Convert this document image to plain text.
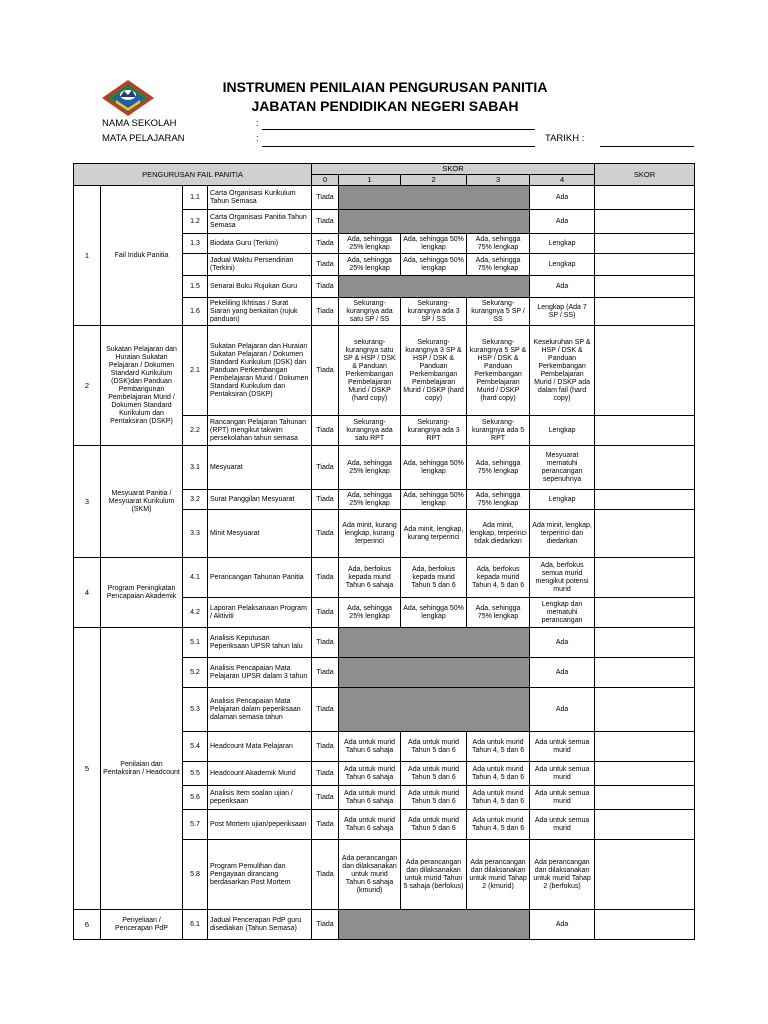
INSTRUMEN PENILAIAN PENGURUSAN PANITIA
JABATAN PENDIDIKAN NEGERI SABAH
NAMA SEKOLAH	:
MATA PELAJARAN	:	TARIKH :
PENGURUSAN FAIL PANITIA				SKOR					SKOR
				0	1	2	3	4	
1	Fail Induk Panitia	1.1	Carta Organisasi Kurikulum Tahun Semasa	Tiada				Ada	
		1.2	Carta Organisasi Panitia Tahun Semasa	Tiada				Ada	
		1.3	Biodata Guru (Terkini)	Tiada	Ada, sehingga 25% lengkap	Ada, sehingga 50% lengkap	Ada, sehingga 75% lengkap	Lengkap	
			Jadual Waktu Persendirian (Terkini)	Tiada	Ada, sehingga 25% lengkap	Ada, sehingga 50% lengkap	Ada, sehingga 75% lengkap	Lengkap	
		1.5	Senarai Buku Rujukan Guru	Tiada				Ada	
		1.6	Pekeliling Ikhtisas / Surat Siaran yang berkaitan (rujuk panduan)	Tiada	Sekurang-kurangnya ada satu SP / SS	Sekurang-kurangnya ada 3 SP / SS	Sekurang-kurangnya 5 SP / SS	Lengkap (Ada 7 SP / SS)	
2	Sukatan Pelajaran dan Huraian Sukatan Pelajaran / Dokumen Standard Kurikulum (DSK)dan Panduan Pembangunan Pembelajaran Murid / Dokumen Standard Kurikulum dan Pentaksiran (DSKP)	2.1	Sukatan Pelajaran dan Huraian Sukatan Pelajaran / Dokumen Standard Kurikulum (DSK) dan Panduan Perkembangan Pembelajaran Murid / Dokumen Standard Kurikulum dan Pentaksiran (DSKP)	Tiada	sekurang-kurangnya satu SP & HSP / DSK & Panduan Perkembangan Pembelajaran Murid / DSKP (hard copy)	Sekurang-kurangnya 3 SP & HSP / DSK & Panduan Perkembangan Pembelajaran Murid / DSKP (hard copy)	Sekurang-kurangnya 5 SP & HSP / DSK & Panduan Perkembangan Pembelajaran Murid / DSKP (hard copy)	Keseluruhan SP & HSP / DSK & Panduan Perkembangan Pembelajaran Murid / DSKP ada dalam fail (hard copy)	
		2.2	Rancangan Pelajaran Tahunan (RPT) mengikut takwim persekolahan tahun semasa	Tiada	Sekurang-kurangnya ada satu RPT	Sekurang-kurangnya ada 3 RPT	Sekurang-kurangnya ada 5 RPT	Lengkap	
3	Mesyuarat Panitia / Mesyuarat Kurikulum (SKM)	3.1	Mesyuarat	Tiada	Ada, sehingga 25% lengkap	Ada, sehingga 50% lengkap	Ada, sehingga 75% lengkap	Mesyuarat mematuhi perancangan sepenuhnya	
		3.2	Surat Panggilan Mesyuarat	Tiada	Ada, sehingga 25% lengkap	Ada, sehingga 50% lengkap	Ada, sehingga 75% lengkap	Lengkap	
		3.3	Minit Mesyuarat	Tiada	Ada minit, kurang lengkap, kurang terperinci	Ada minit, lengkap, kurang terperinci	Ada minit, lengkap, terperinci tidak diedarkan	Ada minit, lengkap, terperinci dan diedarkan	
4	Program Peningkatan Pencapaian Akademik	4.1	Perancangan Tahunan Panitia	Tiada	Ada, berfokus kepada murid Tahun 6 sahaja	Ada, berfokus kepada murid Tahun 5 dan 6	Ada, berfokus kepada murid Tahun 4, 5 dan 6	Ada, berfokus semua murid mengikut potensi murid	
		4.2	Laporan Pelaksanaan Program / Aktiviti	Tiada	Ada, sehingga 25% lengkap	Ada, sehingga 50% lengkap	Ada, sehingga 75% lengkap	Lengkap dan mematuhi perancangan	
5	Penilaian dan Pentaksiran / Headcount	5.1	Analisis Keputusan Peperiksaan UPSR tahun lalu	Tiada				Ada	
		5.2	Analisis Pencapaian Mata Pelajaran UPSR dalam 3 tahun	Tiada				Ada	
		5.3	Analisis Pencapaian Mata Pelajaran dalam peperiksaan dalaman semasa tahun	Tiada				Ada	
		5.4	Headcount Mata Pelajaran	Tiada	Ada untuk murid Tahun 6 sahaja	Ada untuk murid Tahun 5 dan 6	Ada untuk murid Tahun 4, 5 dan 6	Ada untuk semua murid	
		5.5	Headcount Akademik Murid	Tiada	Ada untuk murid Tahun 6 sahaja	Ada untuk murid Tahun 5 dan 6	Ada untuk murid Tahun 4, 5 dan 6	Ada untuk semua murid	
		5.6	Analisis Item soalan ujian / peperiksaan	Tiada	Ada untuk murid Tahun 6 sahaja	Ada untuk murid Tahun 5 dan 6	Ada untuk murid Tahun 4, 5 dan 6	Ada untuk semua murid	
		5.7	Post Mortem ujian/peperiksaan	Tiada	Ada untuk murid Tahun 6 sahaja	Ada untuk murid Tahun 5 dan 6	Ada untuk murid Tahun 4, 5 dan 6	Ada untuk semua murid	
		5.8	Program Pemulihan dan Pengayaan dirancang berdasarkan Post Mortem	Tiada	Ada perancangan dan dilaksanakan untuk murid Tahun 6 sahaja (kmurid)	Ada perancangan dan dilaksanakan untuk murid Tahun 5 sahaja (berfokus)	Ada perancangan dan dilaksanakan untuk murid Tahap 2 (kmurid)	Ada perancangan dan dilaksanakan untuk murid Tahap 2 (berfokus)	
6	Penyeliaan / Pencerapan PdP	6.1	Jadual Pencerapan PdP guru disediakan (Tahun Semasa)	Tiada				Ada	
